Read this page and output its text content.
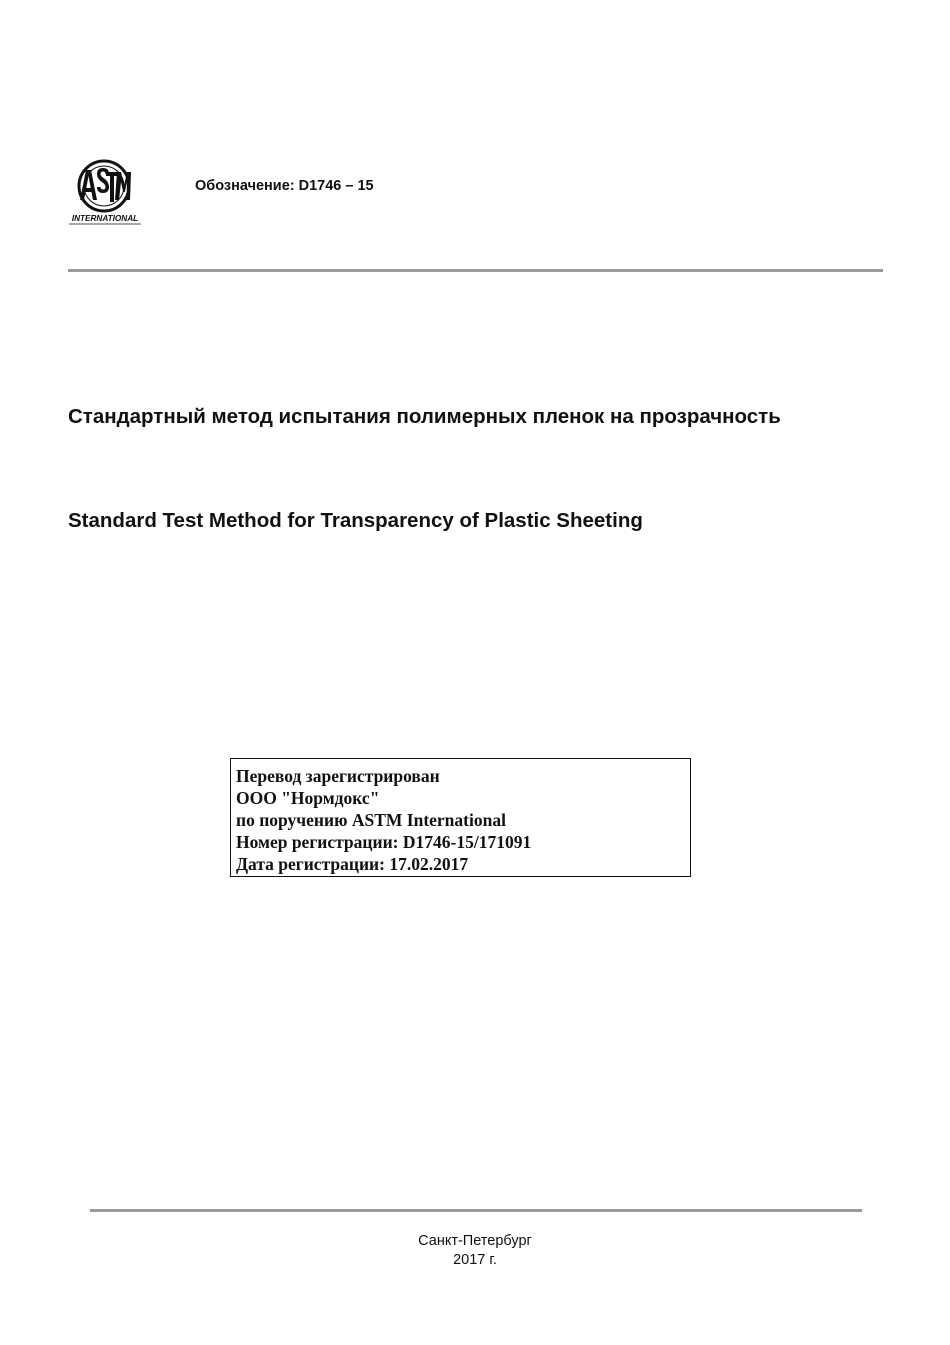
INTERNATIONAL
Обозначение: D1746 – 15
Стандартный метод испытания полимерных пленок на прозрачность
Standard Test Method for Transparency of Plastic Sheeting
Перевод зарегистрирован
ООО "Нормдокс"
по поручению ASTM International
Номер регистрации: D1746-15/171091
Дата регистрации: 17.02.2017
Санкт-Петербург
2017 г.
